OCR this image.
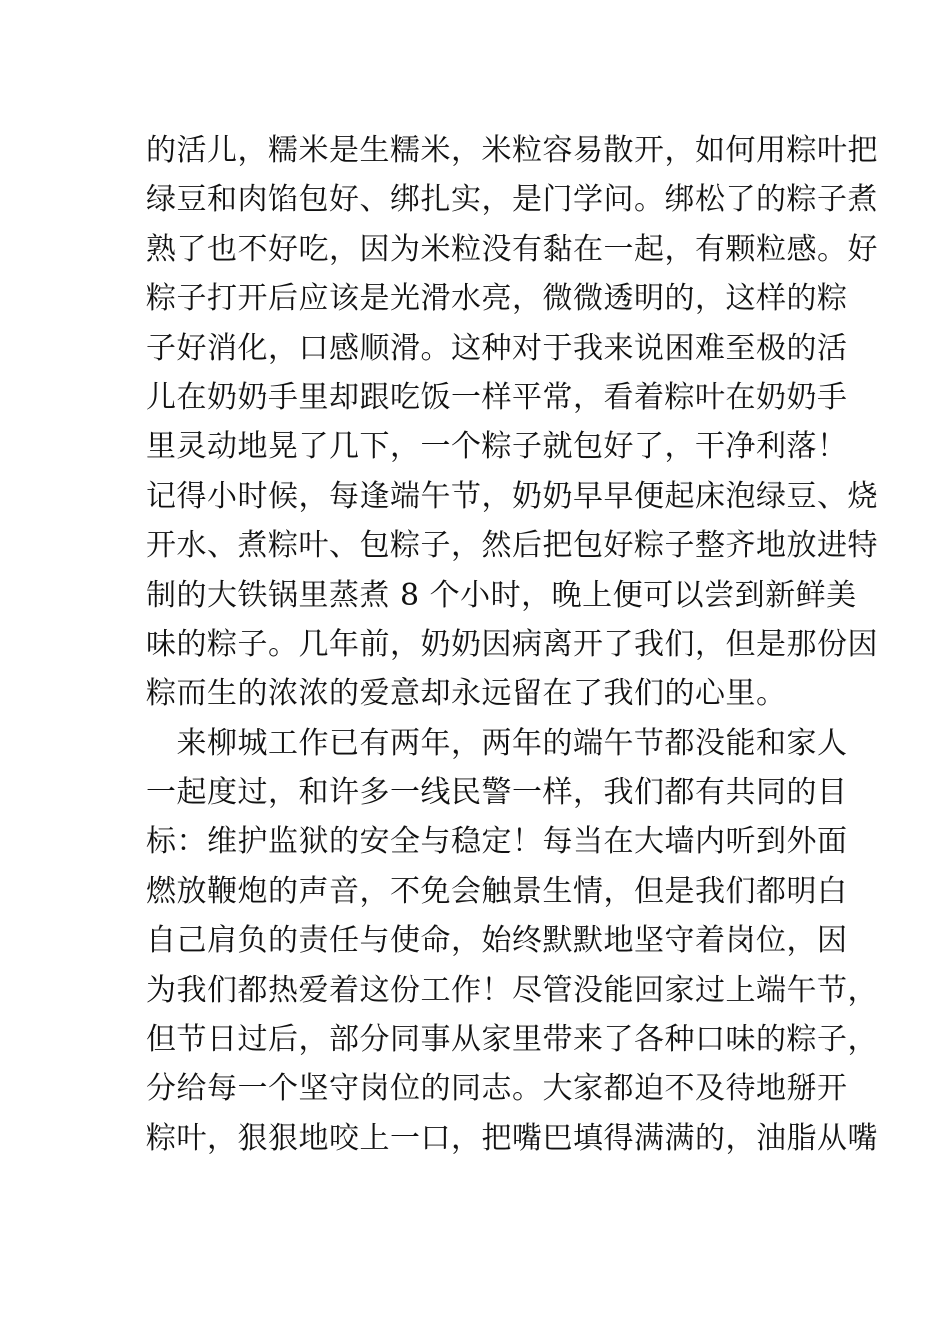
的活儿，糯米是生糯米，米粒容易散开，如何用粽叶把
绿豆和肉馅包好、绑扎实，是门学问。绑松了的粽子煮
熟了也不好吃，因为米粒没有黏在一起，有颗粒感。好
粽子打开后应该是光滑水亮，微微透明的，这样的粽
子好消化，口感顺滑。这种对于我来说困难至极的活
儿在奶奶手里却跟吃饭一样平常，看着粽叶在奶奶手
里灵动地晃了几下，一个粽子就包好了，干净利落！
记得小时候，每逢端午节，奶奶早早便起床泡绿豆、烧
开水、煮粽叶、包粽子，然后把包好粽子整齐地放进特
制的大铁锅里蒸煮 8 个小时，晚上便可以尝到新鲜美
味的粽子。几年前，奶奶因病离开了我们，但是那份因
粽而生的浓浓的爱意却永远留在了我们的心里。
　来柳城工作已有两年，两年的端午节都没能和家人
一起度过，和许多一线民警一样，我们都有共同的目
标：维护监狱的安全与稳定！每当在大墙内听到外面
燃放鞭炮的声音，不免会触景生情，但是我们都明白
自己肩负的责任与使命，始终默默地坚守着岗位，因
为我们都热爱着这份工作！尽管没能回家过上端午节，
但节日过后，部分同事从家里带来了各种口味的粽子，
分给每一个坚守岗位的同志。大家都迫不及待地掰开
粽叶，狠狠地咬上一口，把嘴巴填得满满的，油脂从嘴
